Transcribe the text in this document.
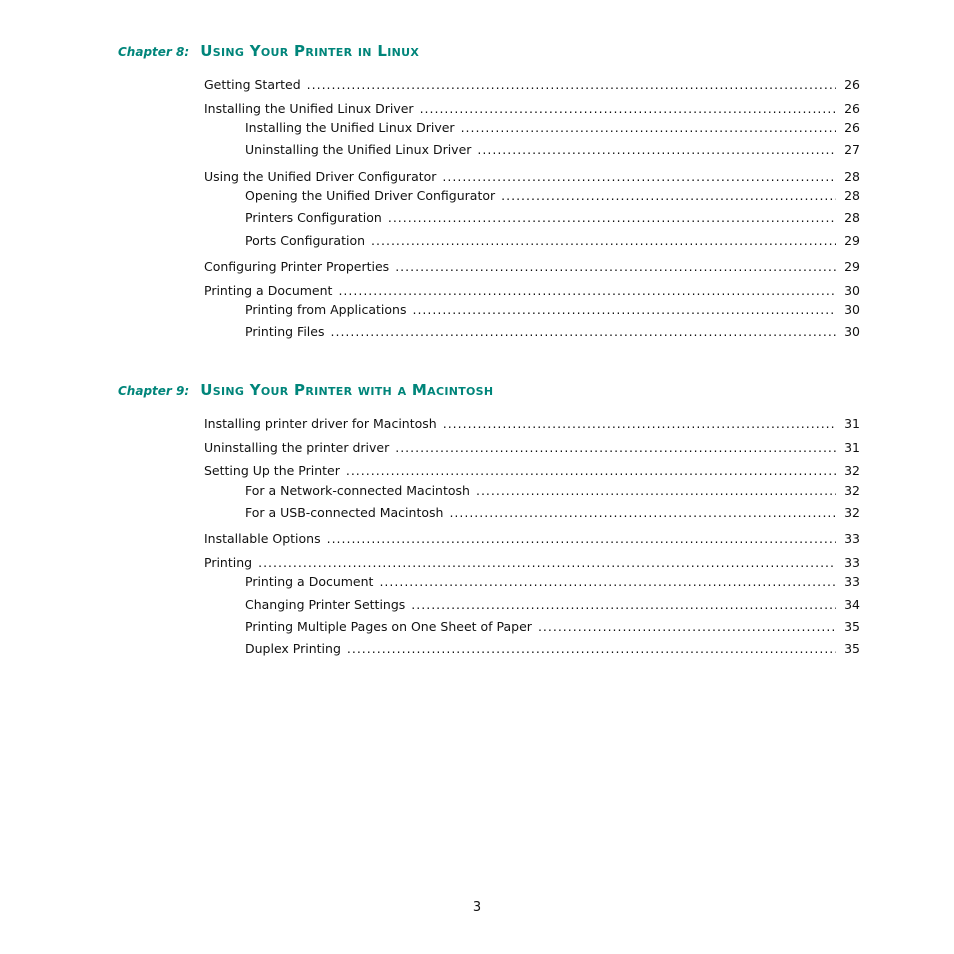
Chapter 8: Using Your Printer in Linux
Getting Started .....	26
Installing the Unified Linux Driver .....	26
Installing the Unified Linux Driver .....	26
Uninstalling the Unified Linux Driver .....	27
Using the Unified Driver Configurator .....	28
Opening the Unified Driver Configurator .....	28
Printers Configuration .....	28
Ports Configuration .....	29
Configuring Printer Properties .....	29
Printing a Document .....	30
Printing from Applications .....	30
Printing Files .....	30
Chapter 9: Using Your Printer with a Macintosh
Installing printer driver for Macintosh .....	31
Uninstalling the printer driver .....	31
Setting Up the Printer .....	32
For a Network-connected Macintosh .....	32
For a USB-connected Macintosh .....	32
Installable Options .....	33
Printing .....	33
Printing a Document .....	33
Changing Printer Settings .....	34
Printing Multiple Pages on One Sheet of Paper .....	35
Duplex Printing .....	35
3
